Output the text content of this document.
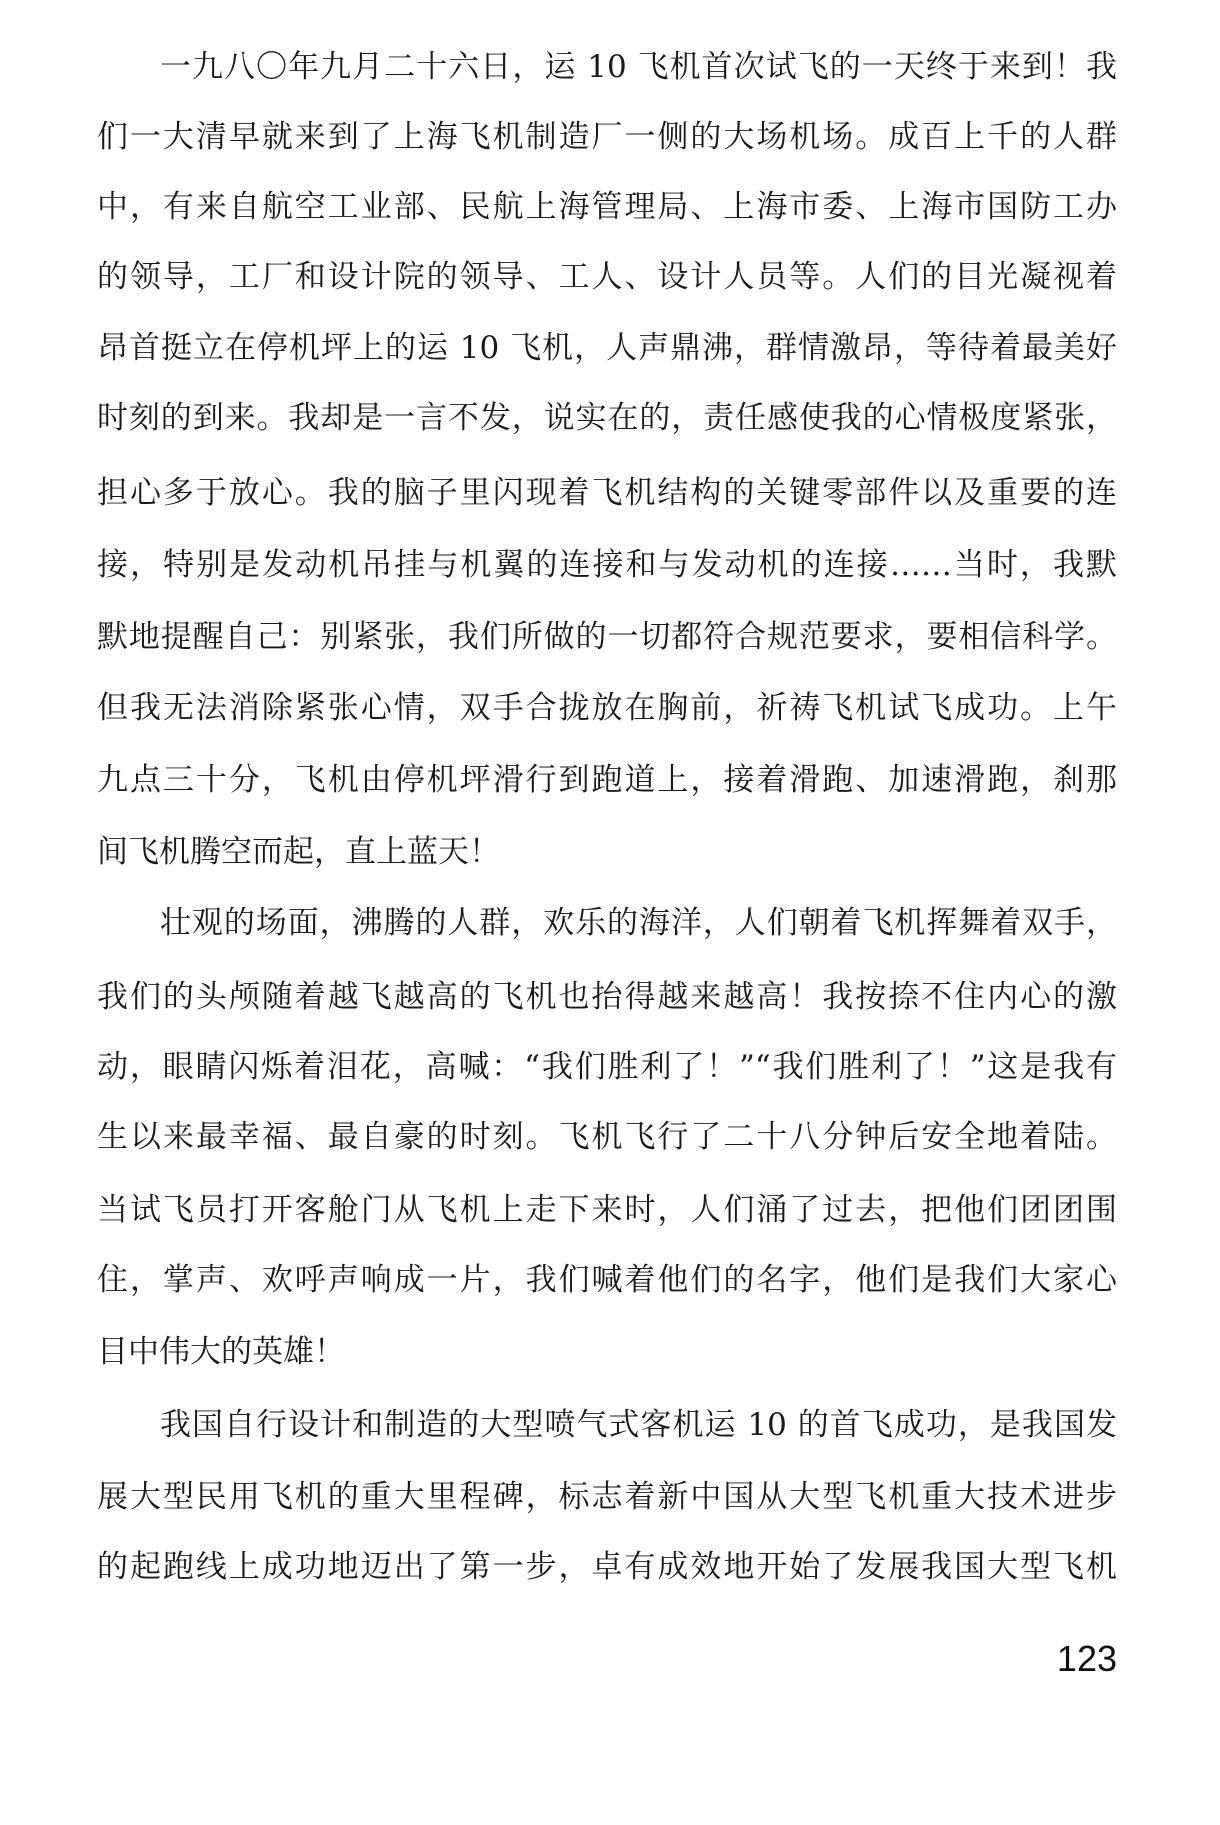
一九八〇年九月二十六日，运 10 飞机首次试飞的一天终于来到！我
们一大清早就来到了上海飞机制造厂一侧的大场机场。成百上千的人群
中，有来自航空工业部、民航上海管理局、上海市委、上海市国防工办
的领导，工厂和设计院的领导、工人、设计人员等。人们的目光凝视着
昂首挺立在停机坪上的运 10 飞机，人声鼎沸，群情激昂，等待着最美好
时刻的到来。我却是一言不发，说实在的，责任感使我的心情极度紧张，
担心多于放心。我的脑子里闪现着飞机结构的关键零部件以及重要的连
接，特别是发动机吊挂与机翼的连接和与发动机的连接……当时，我默
默地提醒自己：别紧张，我们所做的一切都符合规范要求，要相信科学。
但我无法消除紧张心情，双手合拢放在胸前，祈祷飞机试飞成功。上午
九点三十分，飞机由停机坪滑行到跑道上，接着滑跑、加速滑跑，刹那
间飞机腾空而起，直上蓝天！
壮观的场面，沸腾的人群，欢乐的海洋，人们朝着飞机挥舞着双手，
我们的头颅随着越飞越高的飞机也抬得越来越高！我按捺不住内心的激
动，眼睛闪烁着泪花，高喊：“我们胜利了！”“我们胜利了！”这是我有
生以来最幸福、最自豪的时刻。飞机飞行了二十八分钟后安全地着陆。
当试飞员打开客舱门从飞机上走下来时，人们涌了过去，把他们团团围
住，掌声、欢呼声响成一片，我们喊着他们的名字，他们是我们大家心
目中伟大的英雄！
我国自行设计和制造的大型喷气式客机运 10 的首飞成功，是我国发
展大型民用飞机的重大里程碑，标志着新中国从大型飞机重大技术进步
的起跑线上成功地迈出了第一步，卓有成效地开始了发展我国大型飞机
123
